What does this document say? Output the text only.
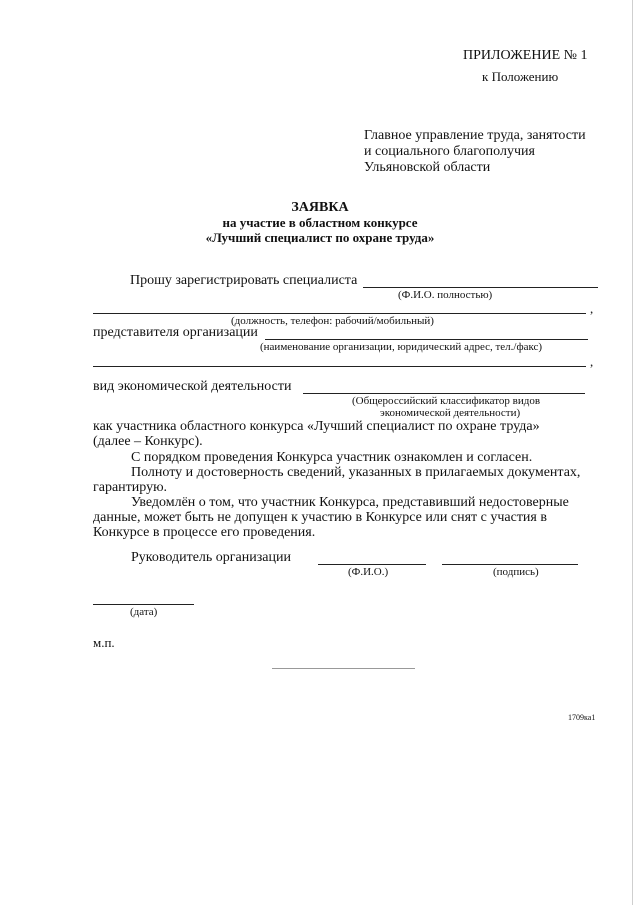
ПРИЛОЖЕНИЕ № 1
к Положению
Главное управление труда, занятости
и социального благополучия
Ульяновской области
ЗАЯВКА
на участие в областном конкурсе
«Лучший специалист по охране труда»
Прошу зарегистрировать специалиста
(Ф.И.О. полностью)
,
(должность, телефон: рабочий/мобильный)
представителя организации
(наименование организации, юридический адрес, тел./факс)
,
вид экономической деятельности
(Общероссийский классификатор видов
экономической деятельности)
как участника областного конкурса «Лучший специалист по охране труда»
(далее – Конкурс).
С порядком проведения Конкурса участник ознакомлен и согласен.
Полноту и достоверность сведений, указанных в прилагаемых документах,
гарантирую.
Уведомлён о том, что участник Конкурса, представивший недостоверные
данные, может быть не допущен к участию в Конкурсе или снят с участия в
Конкурсе в процессе его проведения.
Руководитель организации
(Ф.И.О.)	(подпись)
(дата)
м.п.
1709ка1
